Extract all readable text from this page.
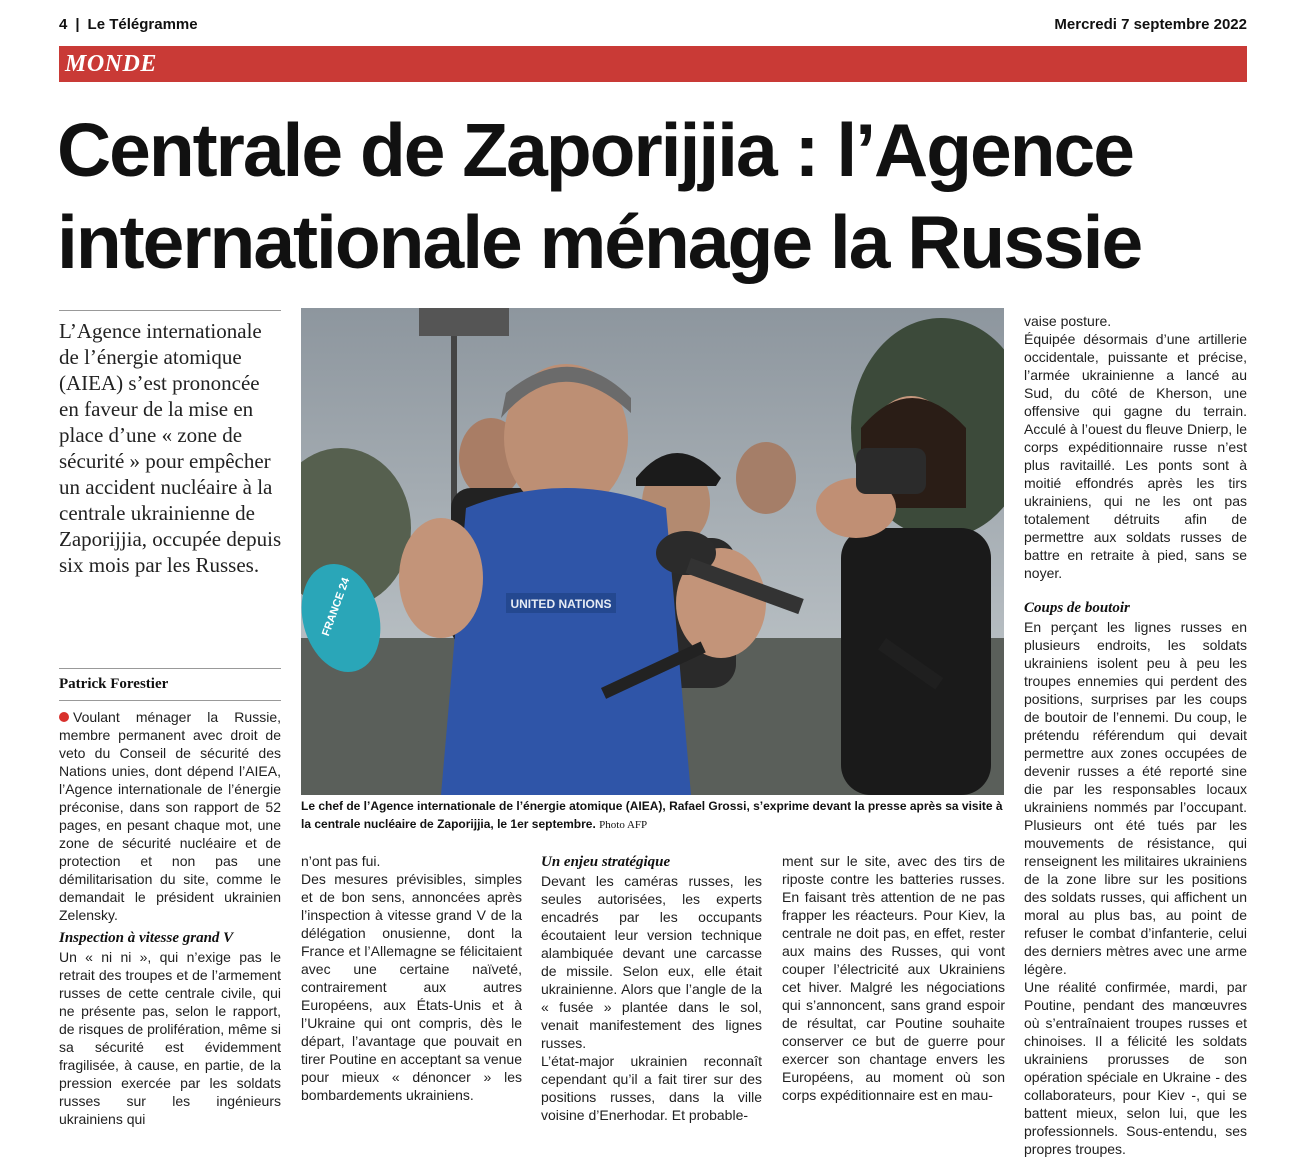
4 | Le Télégramme	Mercredi 7 septembre 2022
MONDE
Centrale de Zaporijjia : l’Agence internationale ménage la Russie
L’Agence internationale de l’énergie atomique (AIEA) s’est prononcée en faveur de la mise en place d’une « zone de sécurité » pour empêcher un accident nucléaire à la centrale ukrainienne de Zaporijjia, occupée depuis six mois par les Russes.
UNITED NATIONS
FRANCE 24
Le chef de l’Agence internationale de l’énergie atomique (AIEA), Rafael Grossi, s’exprime devant la presse après sa visite à la centrale nucléaire de Zaporijjia, le 1er septembre. Photo AFP
Patrick Forestier

Voulant ménager la Russie, membre permanent avec droit de veto du Conseil de sécurité des Nations unies, dont dépend l’AIEA, l’Agence internationale de l’énergie préconise, dans son rapport de 52 pages, en pesant chaque mot, une zone de sécurité nucléaire et de protection et non pas une démilitarisation du site, comme le demandait le président ukrainien Zelensky.

Inspection à vitesse grand V

Un « ni ni », qui n’exige pas le retrait des troupes et de l’armement russes de cette centrale civile, qui ne présente pas, selon le rapport, de risques de prolifération, même si sa sécurité est évidemment fragilisée, à cause, en partie, de la pression exercée par les soldats russes sur les ingénieurs ukrainiens qui

n’ont pas fui.

Des mesures prévisibles, simples et de bon sens, annoncées après l’inspection à vitesse grand V de la délégation onusienne, dont la France et l’Allemagne se félicitaient avec une certaine naïveté, contrairement aux autres Européens, aux États-Unis et à l’Ukraine qui ont compris, dès le départ, l’avantage que pouvait en tirer Poutine en acceptant sa venue pour mieux « dénoncer » les bombardements ukrainiens.

Un enjeu stratégique

Devant les caméras russes, les seules autorisées, les experts encadrés par les occupants écoutaient leur version technique alambiquée devant une carcasse de missile. Selon eux, elle était ukrainienne. Alors que l’angle de la « fusée » plantée dans le sol, venait manifestement des lignes russes.

L’état-major ukrainien reconnaît cependant qu’il a fait tirer sur des positions russes, dans la ville voisine d’Enerhodar. Et probable-

ment sur le site, avec des tirs de riposte contre les batteries russes. En faisant très attention de ne pas frapper les réacteurs. Pour Kiev, la centrale ne doit pas, en effet, rester aux mains des Russes, qui vont couper l’électricité aux Ukrainiens cet hiver. Malgré les négociations qui s’annoncent, sans grand espoir de résultat, car Poutine souhaite conserver ce but de guerre pour exercer son chantage envers les Européens, au moment où son corps expéditionnaire est en mau-

vaise posture.

Équipée désormais d’une artillerie occidentale, puissante et précise, l’armée ukrainienne a lancé au Sud, du côté de Kherson, une offensive qui gagne du terrain. Acculé à l’ouest du fleuve Dnierp, le corps expéditionnaire russe n’est plus ravitaillé. Les ponts sont à moitié effondrés après les tirs ukrainiens, qui ne les ont pas totalement détruits afin de permettre aux soldats russes de battre en retraite à pied, sans se noyer.

Coups de boutoir

En perçant les lignes russes en plusieurs endroits, les soldats ukrainiens isolent peu à peu les troupes ennemies qui perdent des positions, surprises par les coups de boutoir de l’ennemi. Du coup, le prétendu référendum qui devait permettre aux zones occupées de devenir russes a été reporté sine die par les responsables locaux ukrainiens nommés par l’occupant. Plusieurs ont été tués par les mouvements de résistance, qui renseignent les militaires ukrainiens de la zone libre sur les positions des soldats russes, qui affichent un moral au plus bas, au point de refuser le combat d’infanterie, celui des derniers mètres avec une arme légère.

Une réalité confirmée, mardi, par Poutine, pendant des manœuvres où s’entraînaient troupes russes et chinoises. Il a félicité les soldats ukrainiens prorusses de son opération spéciale en Ukraine - des collaborateurs, pour Kiev -, qui se battent mieux, selon lui, que les professionnels. Sous-entendu, ses propres troupes.
